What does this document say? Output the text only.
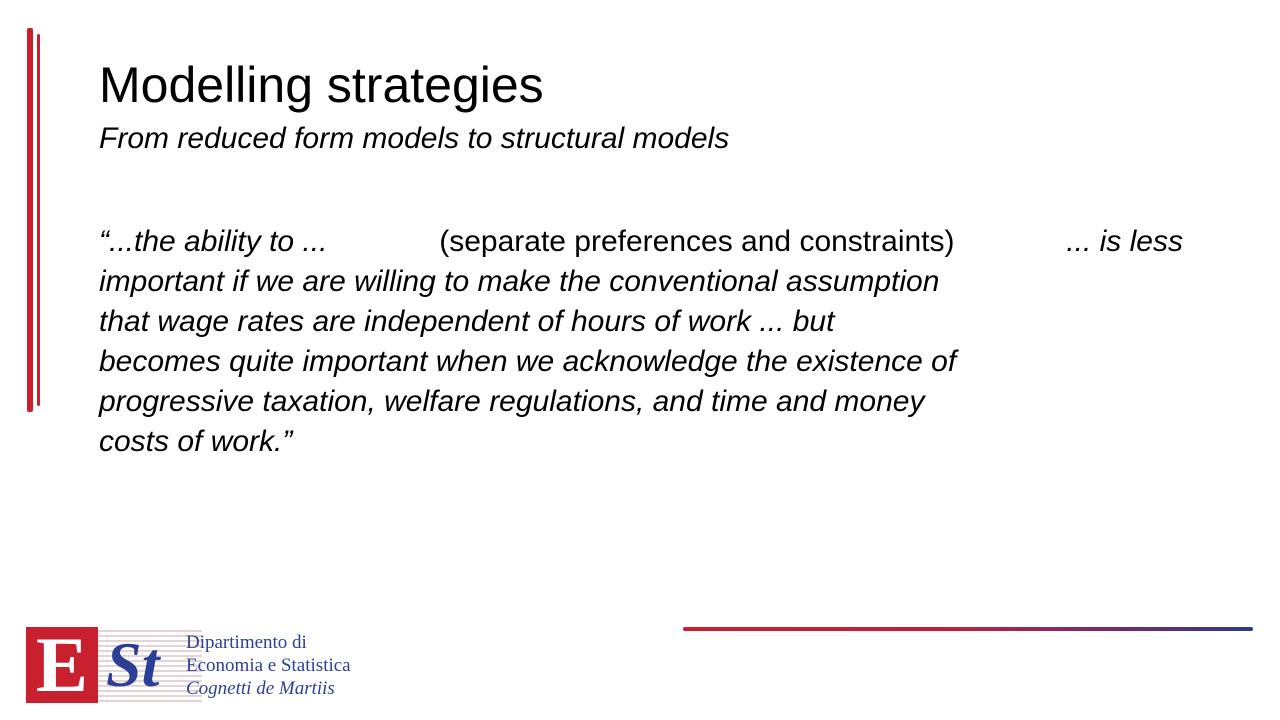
Modelling strategies

From reduced form models to structural models

“...the ability to ...	(separate preferences and constraints)	... is less
important if we are willing to make the conventional assumption
that wage rates are independent of hours of work ... but
becomes quite important when we acknowledge the existence of
progressive taxation, welfare regulations, and time and money
costs of work.”
E St	Dipartimento di
Economia e Statistica
Cognetti de Martiis
